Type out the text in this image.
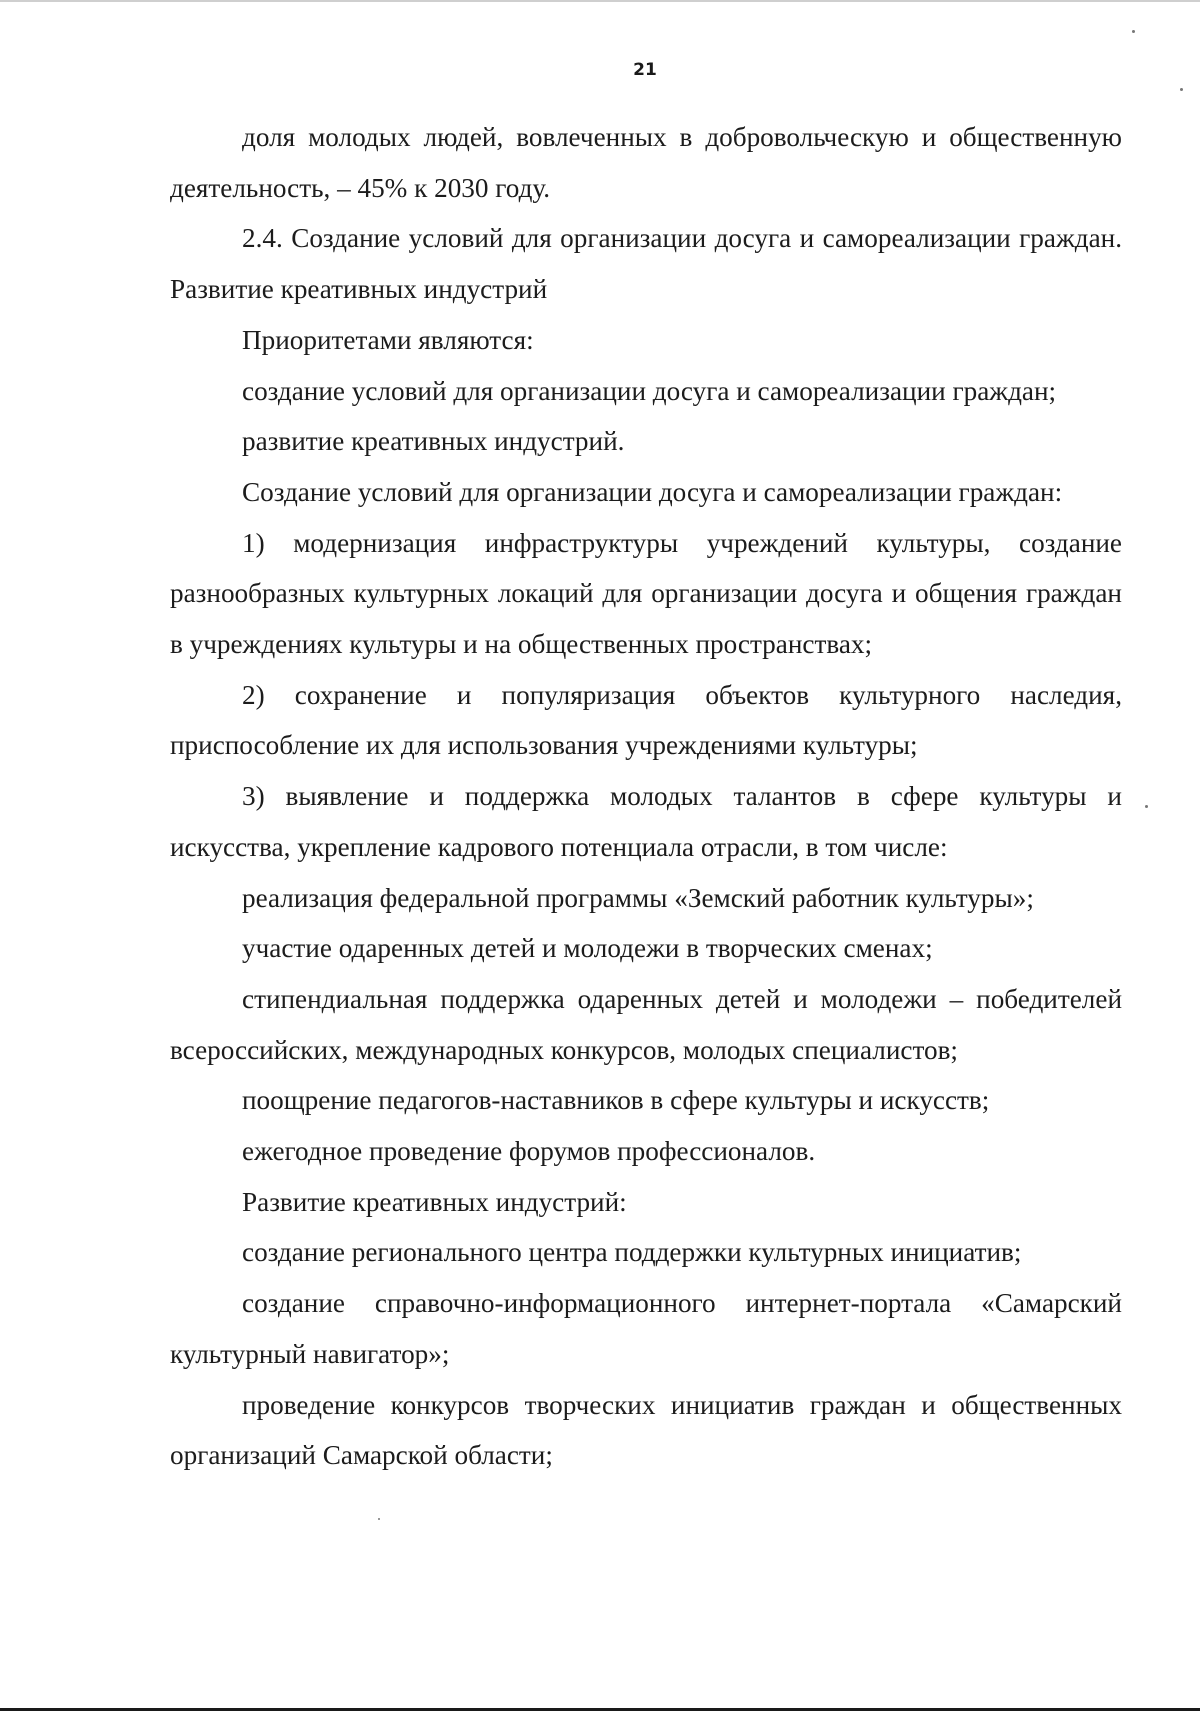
21

доля молодых людей, вовлеченных в добровольческую и общественную деятельность, – 45% к 2030 году.

2.4. Создание условий для организации досуга и самореализации граждан. Развитие креативных индустрий

Приоритетами являются:

создание условий для организации досуга и самореализации граждан;

развитие креативных индустрий.

Создание условий для организации досуга и самореализации граждан:

1) модернизация инфраструктуры учреждений культуры, создание разнообразных культурных локаций для организации досуга и общения граждан в учреждениях культуры и на общественных пространствах;

2) сохранение и популяризация объектов культурного наследия, приспособление их для использования учреждениями культуры;

3) выявление и поддержка молодых талантов в сфере культуры и искусства, укрепление кадрового потенциала отрасли, в том числе:

реализация федеральной программы «Земский работник культуры»;

участие одаренных детей и молодежи в творческих сменах;

стипендиальная поддержка одаренных детей и молодежи – победителей всероссийских, международных конкурсов, молодых специалистов;

поощрение педагогов-наставников в сфере культуры и искусств;

ежегодное проведение форумов профессионалов.

Развитие креативных индустрий:

создание регионального центра поддержки культурных инициатив;

создание справочно-информационного интернет-портала «Самарский культурный навигатор»;

проведение конкурсов творческих инициатив граждан и общественных организаций Самарской области;
